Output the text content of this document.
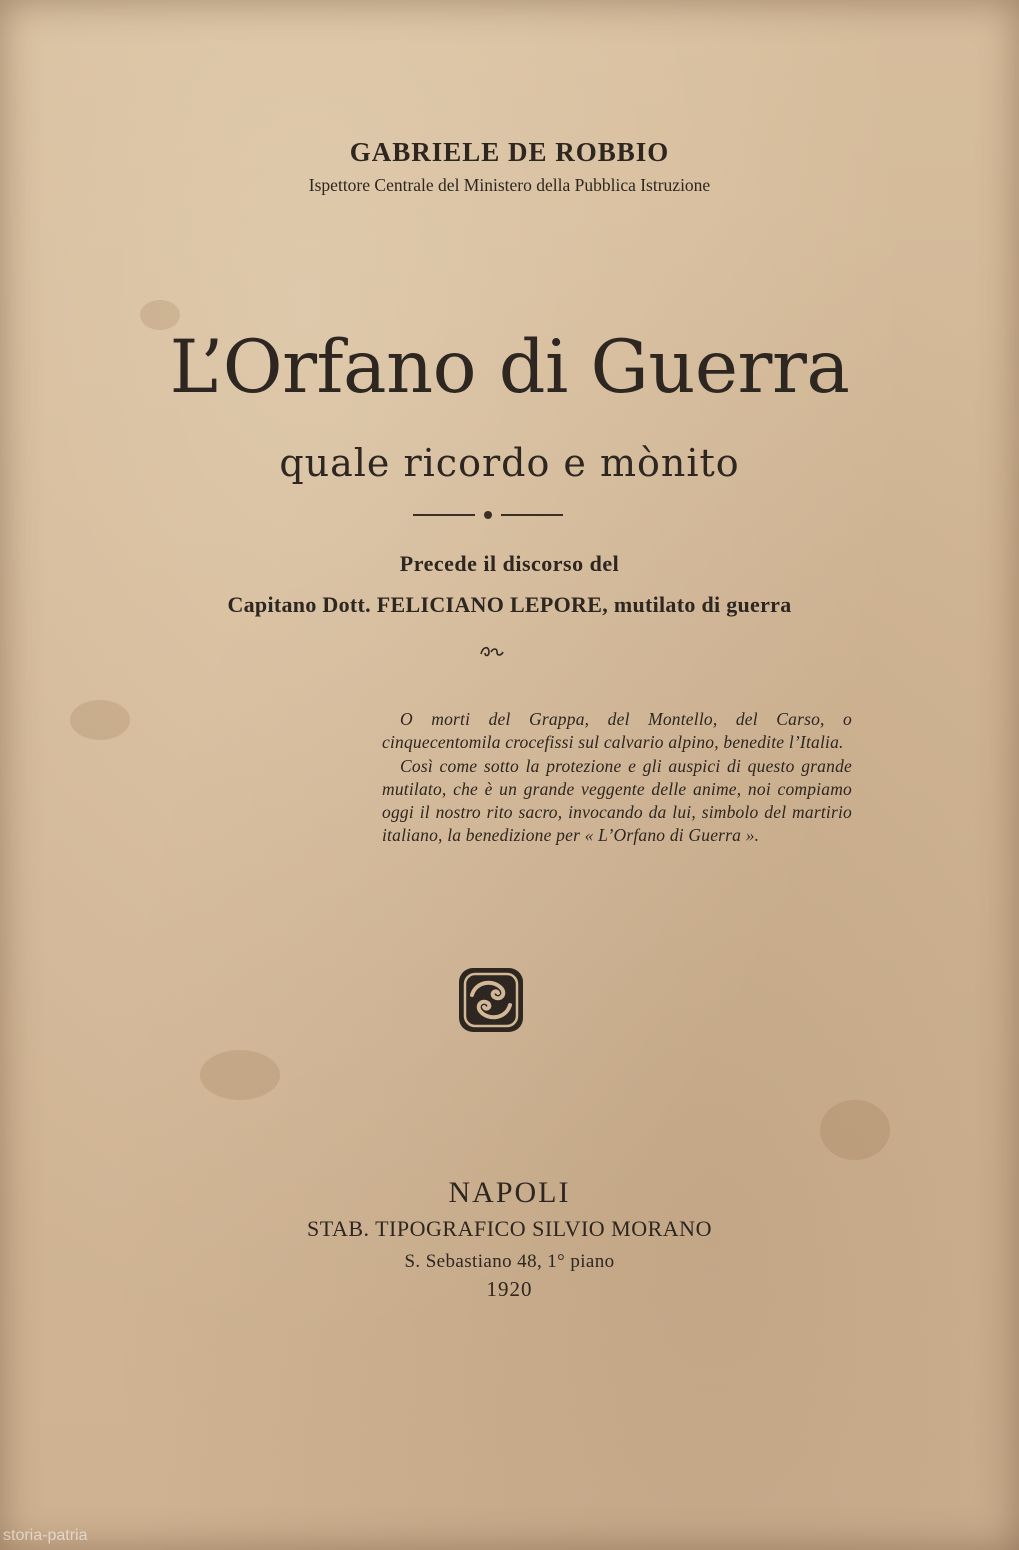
GABRIELE DE ROBBIO
Ispettore Centrale del Ministero della Pubblica Istruzione
L’Orfano di Guerra
quale ricordo e mònito
Precede il discorso del
Capitano Dott. FELICIANO LEPORE, mutilato di guerra

O morti del Grappa, del Montello, del Carso, o cinquecentomila crocefissi sul calvario alpino, benedite l’Italia.

Così come sotto la protezione e gli auspici di questo grande mutilato, che è un grande veggente delle anime, noi compiamo oggi il nostro rito sacro, invocando da lui, simbolo del martirio italiano, la benedizione per « L’Orfano di Guerra ».

NAPOLI
STAB. TIPOGRAFICO SILVIO MORANO
S. Sebastiano 48, 1° piano
1920
storia-patria
